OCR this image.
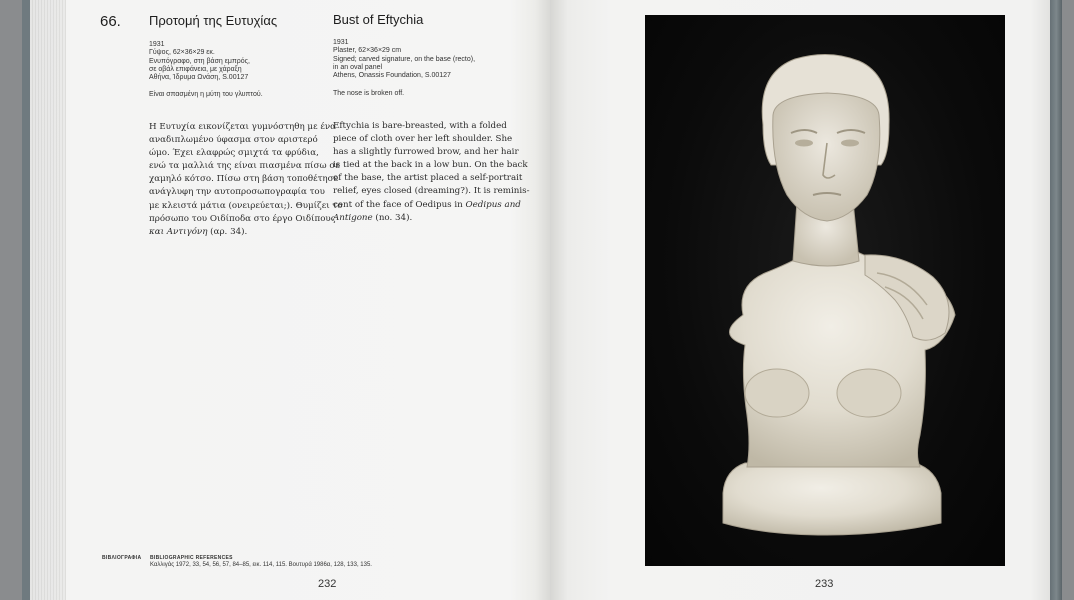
66. Προτομή της Ευτυχίας	Bust of Eftychia

1931
Γύψος, 62×36×29 εκ.
Ενυπόγραφο, στη βάση εμπρός,
σε οβάλ επιφάνεια, με χάραξη
Αθήνα, Ίδρυμα Ωνάση, S.00127
1931
Plaster, 62×36×29 cm
Signed; carved signature, on the base (recto),
in an oval panel
Athens, Onassis Foundation, S.00127

Είναι σπασμένη η μύτη του γλυπτού.	The nose is broken off.

Η Ευτυχία εικονίζεται γυμνόστηθη με ένα
αναδιπλωμένο ύφασμα στον αριστερό
ώμο. Έχει ελαφρώς σμιχτά τα φρύδια,
ενώ τα μαλλιά της είναι πιασμένα πίσω σε
χαμηλό κότσο. Πίσω στη βάση τοποθέτησε
ανάγλυφη την αυτοπροσωπογραφία του
με κλειστά μάτια (ονειρεύεται;). Θυμίζει το
πρόσωπο του Οιδίποδα στο έργο Οιδίπους
και Αντιγόνη (αρ. 34).
Eftychia is bare-breasted, with a folded
piece of cloth over her left shoulder. She
has a slightly furrowed brow, and her hair
is tied at the back in a low bun. On the back
of the base, the artist placed a self-portrait
relief, eyes closed (dreaming?). It is reminis-
cent of the face of Oedipus in Oedipus and
Antigone (no. 34).

ΒΙΒΛΙΟΓΡΑΦΙΑ BIBLIOGRAPHIC REFERENCES

Καλλιγάς 1972, 33, 54, 56, 57, 84–85, εικ. 114, 115. Βουτυρά 1986α, 128, 133, 135.

232	233
